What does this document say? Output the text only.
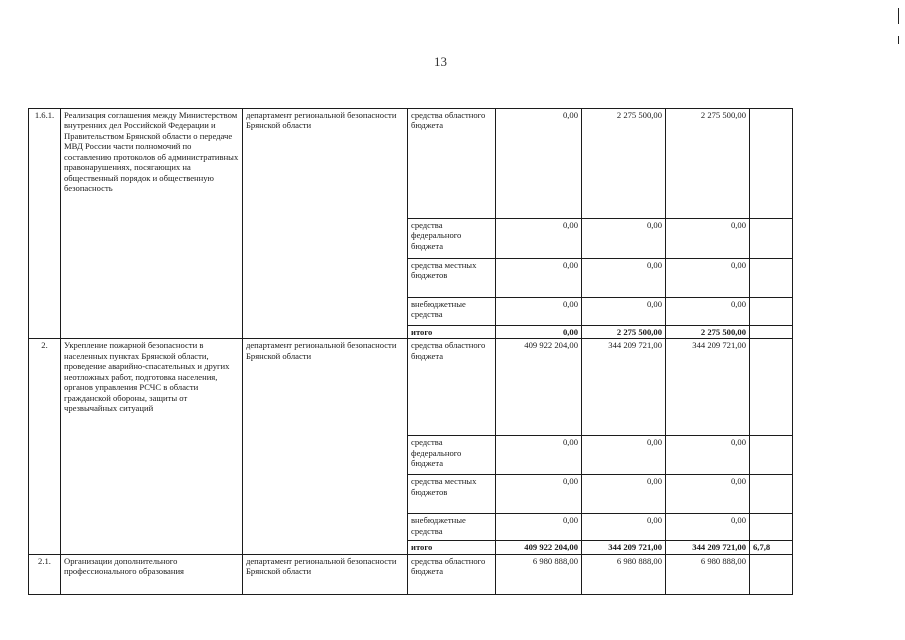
13
1.6.1.	Реализация соглашения между Министерством внутренних дел Российской Федерации и Правительством Брянской области о передаче МВД России части полномочий по составлению протоколов об административных правонарушениях, посягающих на общественный порядок и общественную безопасность	департамент региональной безопасности Брянской области	средства областного бюджета	0,00	2 275 500,00	2 275 500,00	
			средства федерального бюджета	0,00	0,00	0,00	
			средства местных бюджетов	0,00	0,00	0,00	
			внебюджетные средства	0,00	0,00	0,00	
			итого	0,00	2 275 500,00	2 275 500,00	
2.	Укрепление пожарной безопасности в населенных пунктах Брянской области, проведение аварийно-спасательных и других неотложных работ, подготовка населения, органов управления РСЧС в области гражданской обороны, защиты от чрезвычайных ситуаций	департамент региональной безопасности Брянской области	средства областного бюджета	409 922 204,00	344 209 721,00	344 209 721,00	
			средства федерального бюджета	0,00	0,00	0,00	
			средства местных бюджетов	0,00	0,00	0,00	
			внебюджетные средства	0,00	0,00	0,00	
			итого	409 922 204,00	344 209 721,00	344 209 721,00	6,7,8
2.1.	Организации дополнительного профессионального образования	департамент региональной безопасности Брянской области	средства областного бюджета	6 980 888,00	6 980 888,00	6 980 888,00	
